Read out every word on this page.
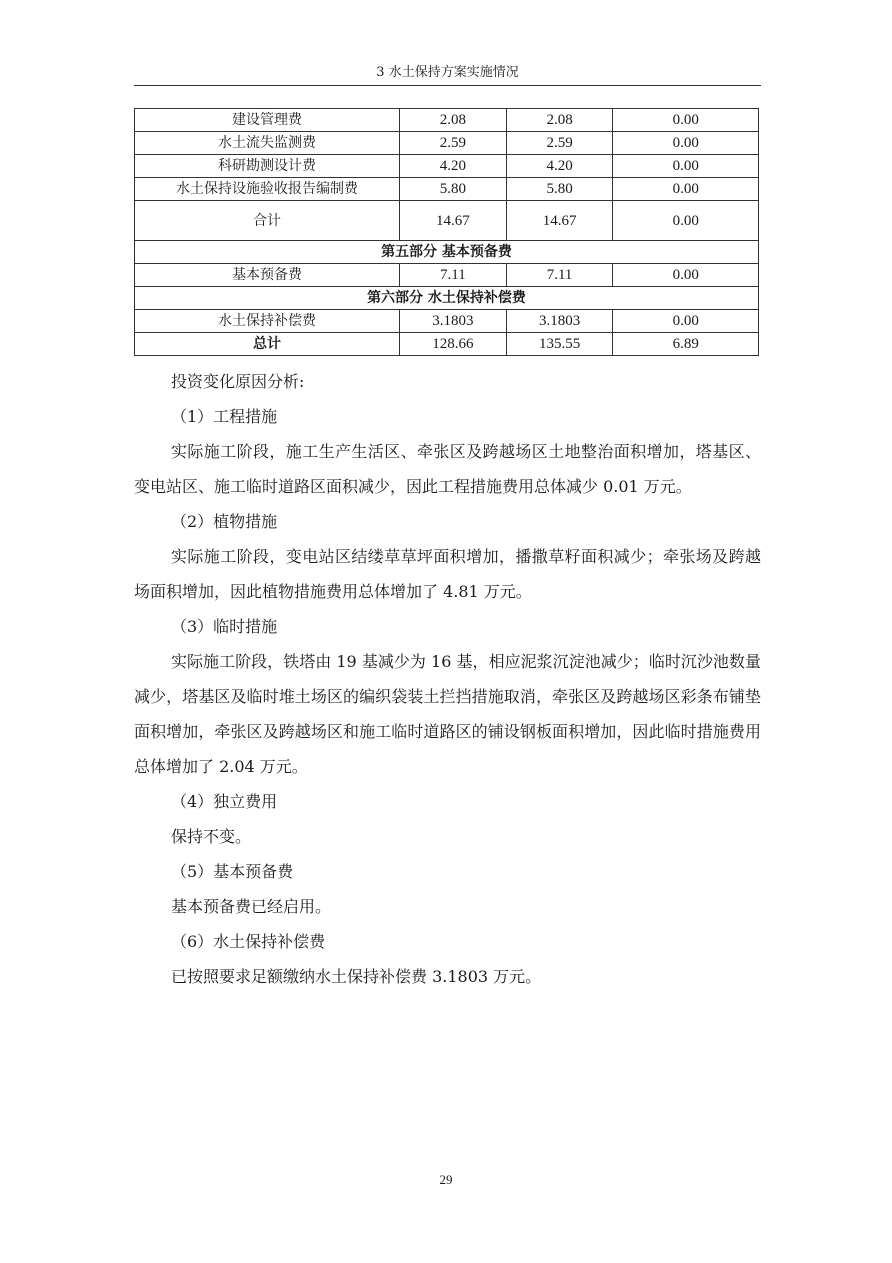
3 水土保持方案实施情况
建设管理费	2.08	2.08	0.00
水土流失监测费	2.59	2.59	0.00
科研勘测设计费	4.20	4.20	0.00
水土保持设施验收报告编制费	5.80	5.80	0.00
合计	14.67	14.67	0.00
第五部分 基本预备费			
基本预备费	7.11	7.11	0.00
第六部分 水土保持补偿费			
水土保持补偿费	3.1803	3.1803	0.00
总计	128.66	135.55	6.89

投资变化原因分析:

（1）工程措施

实际施工阶段，施工生产生活区、牵张区及跨越场区土地整治面积增加，塔基区、变电站区、施工临时道路区面积减少，因此工程措施费用总体减少 0.01 万元。

（2）植物措施

实际施工阶段，变电站区结缕草草坪面积增加，播撒草籽面积减少；牵张场及跨越场面积增加，因此植物措施费用总体增加了 4.81 万元。

（3）临时措施

实际施工阶段，铁塔由 19 基减少为 16 基，相应泥浆沉淀池减少；临时沉沙池数量减少，塔基区及临时堆土场区的编织袋装土拦挡措施取消，牵张区及跨越场区彩条布铺垫面积增加，牵张区及跨越场区和施工临时道路区的铺设钢板面积增加，因此临时措施费用总体增加了 2.04 万元。

（4）独立费用

保持不变。

（5）基本预备费

基本预备费已经启用。

（6）水土保持补偿费

已按照要求足额缴纳水土保持补偿费 3.1803 万元。

29
